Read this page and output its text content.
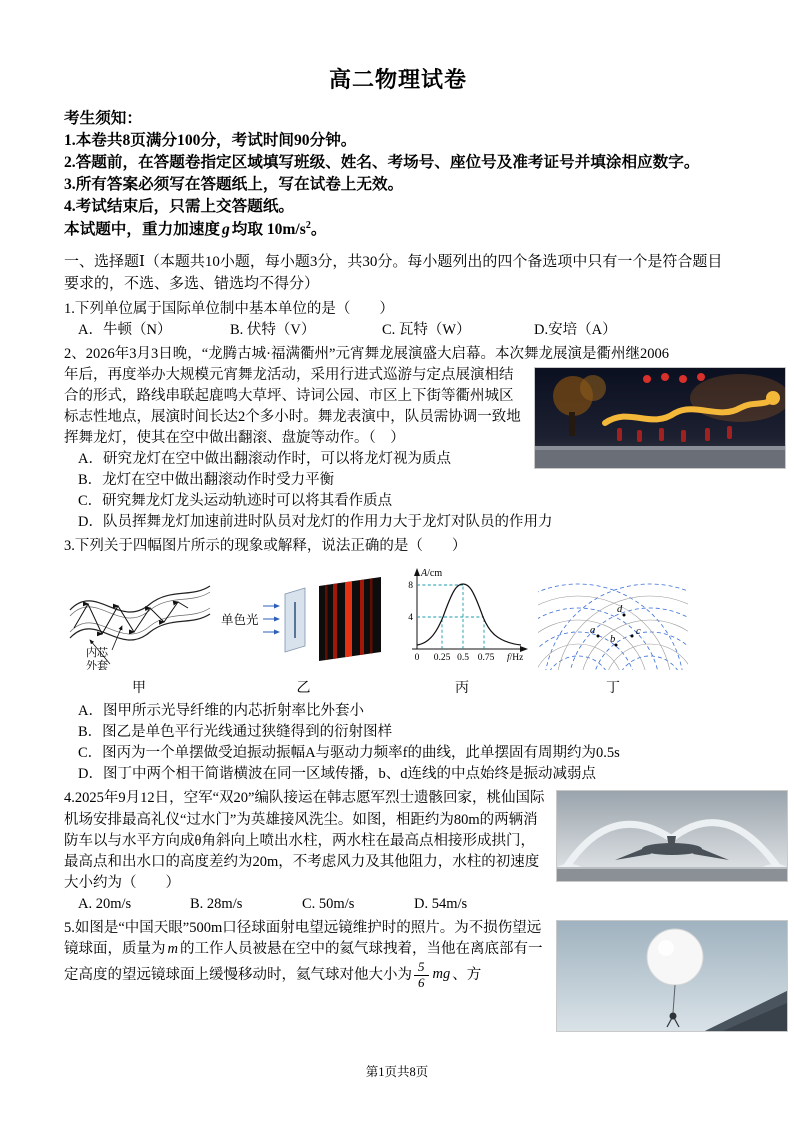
高二物理试卷

考生须知：

1.本卷共8页满分100分，考试时间90分钟。

2.答题前，在答题卷指定区域填写班级、姓名、考场号、座位号及准考证号并填涂相应数字。

3.所有答案必须写在答题纸上，写在试卷上无效。

4.考试结束后，只需上交答题纸。

本试题中，重力加速度 g 均取 $10m/s^2$。

一、选择题Ⅰ（本题共10小题，每小题3分，共30分。每小题列出的四个备选项中只有一个是符合题目要求的，不选、多选、错选均不得分）

1.下列单位属于国际单位制中基本单位的是（　　）

A．牛顿（N）	B. 伏特（V）	C. 瓦特（W）	D.安培（A）

2、2026年3月3日晚，“龙腾古城·福满衢州”元宵舞龙展演盛大启幕。本次舞龙展演是衢州继2006

年后，再度举办大规模元宵舞龙活动，采用行进式巡游与定点展演相结合的形式，路线串联起鹿鸣大草坪、诗词公园、市区上下街等衢州城区标志性地点，展演时间长达2个多小时。舞龙表演中，队员需协调一致地挥舞龙灯，使其在空中做出翻滚、盘旋等动作。（　）

A．研究龙灯在空中做出翻滚动作时，可以将龙灯视为质点

B．龙灯在空中做出翻滚动作时受力平衡

C．研究舞龙灯龙头运动轨迹时可以将其看作质点

D．队员挥舞龙灯加速前进时队员对龙灯的作用力大于龙灯对队员的作用力

3.下列关于四幅图片所示的现象或解释，说法正确的是（　　）

内芯
外套
甲
单色光
乙
A/cm
8
4
0 0.25 0.5 0.75 f/Hz
丙
a
b
c
d
丁

A．图甲所示光导纤维的内芯折射率比外套小

B．图乙是单色平行光线通过狭缝得到的衍射图样

C．图丙为一个单摆做受迫振动振幅A与驱动力频率f的曲线，此单摆固有周期约为0.5s

D．图丁中两个相干简谐横波在同一区域传播，b、d连线的中点始终是振动减弱点

4.2025年9月12日，空军“双20”编队接运在韩志愿军烈士遗骸回家，桃仙国际机场安排最高礼仪“过水门”为英雄接风洗尘。如图，相距约为80m的两辆消防车以与水平方向成θ角斜向上喷出水柱，两水柱在最高点相接形成拱门，最高点和出水口的高度差约为20m，不考虑风力及其他阻力，水柱的初速度大小约为（　　）

A. 20m/s	B. 28m/s	C. 50m/s	D. 54m/s

5.如图是“中国天眼”500m口径球面射电望远镜维护时的照片。为不损伤望远镜球面，质量为 m 的工作人员被悬在空中的氦气球拽着，当他在离底部有一定高度的望远镜球面上缓慢移动时，氦气球对他大小为 $\frac{5}{6}$ mg 、方

第1页共8页
